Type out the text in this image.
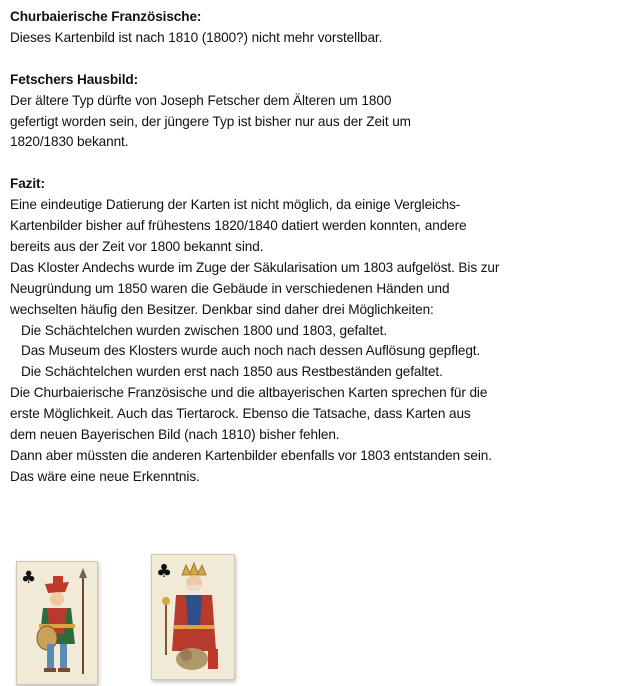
Churbaierische Französische:

Dieses Kartenbild ist nach 1810 (1800?) nicht mehr vorstellbar.

Fetschers Hausbild:

Der ältere Typ dürfte von Joseph Fetscher dem Älteren um 1800

gefertigt worden sein, der jüngere Typ ist bisher nur aus der Zeit um

1820/1830 bekannt.

Fazit:

Eine eindeutige Datierung der Karten ist nicht möglich, da einige Vergleichs-

Kartenbilder bisher auf frühestens 1820/1840 datiert werden konnten, andere

bereits aus der Zeit vor 1800 bekannt sind.

Das Kloster Andechs wurde im Zuge der Säkularisation um 1803 aufgelöst. Bis zur

Neugründung um 1850 waren die Gebäude in verschiedenen Händen und

wechselten häufig den Besitzer. Denkbar sind daher drei Möglichkeiten:

Die Schächtelchen wurden zwischen 1800 und 1803, gefaltet.

Das Museum des Klosters wurde auch noch nach dessen Auflösung gepflegt.

Die Schächtelchen wurden erst nach 1850 aus Restbeständen gefaltet.

Die Churbaierische Französische und die altbayerischen Karten sprechen für die

erste Möglichkeit. Auch das Tiertarock. Ebenso die Tatsache, dass Karten aus

dem neuen Bayerischen Bild (nach 1810) bisher fehlen.

Dann aber müssten die anderen Kartenbilder ebenfalls vor 1803 entstanden sein.

Das wäre eine neue Erkenntnis.

♣	♣
